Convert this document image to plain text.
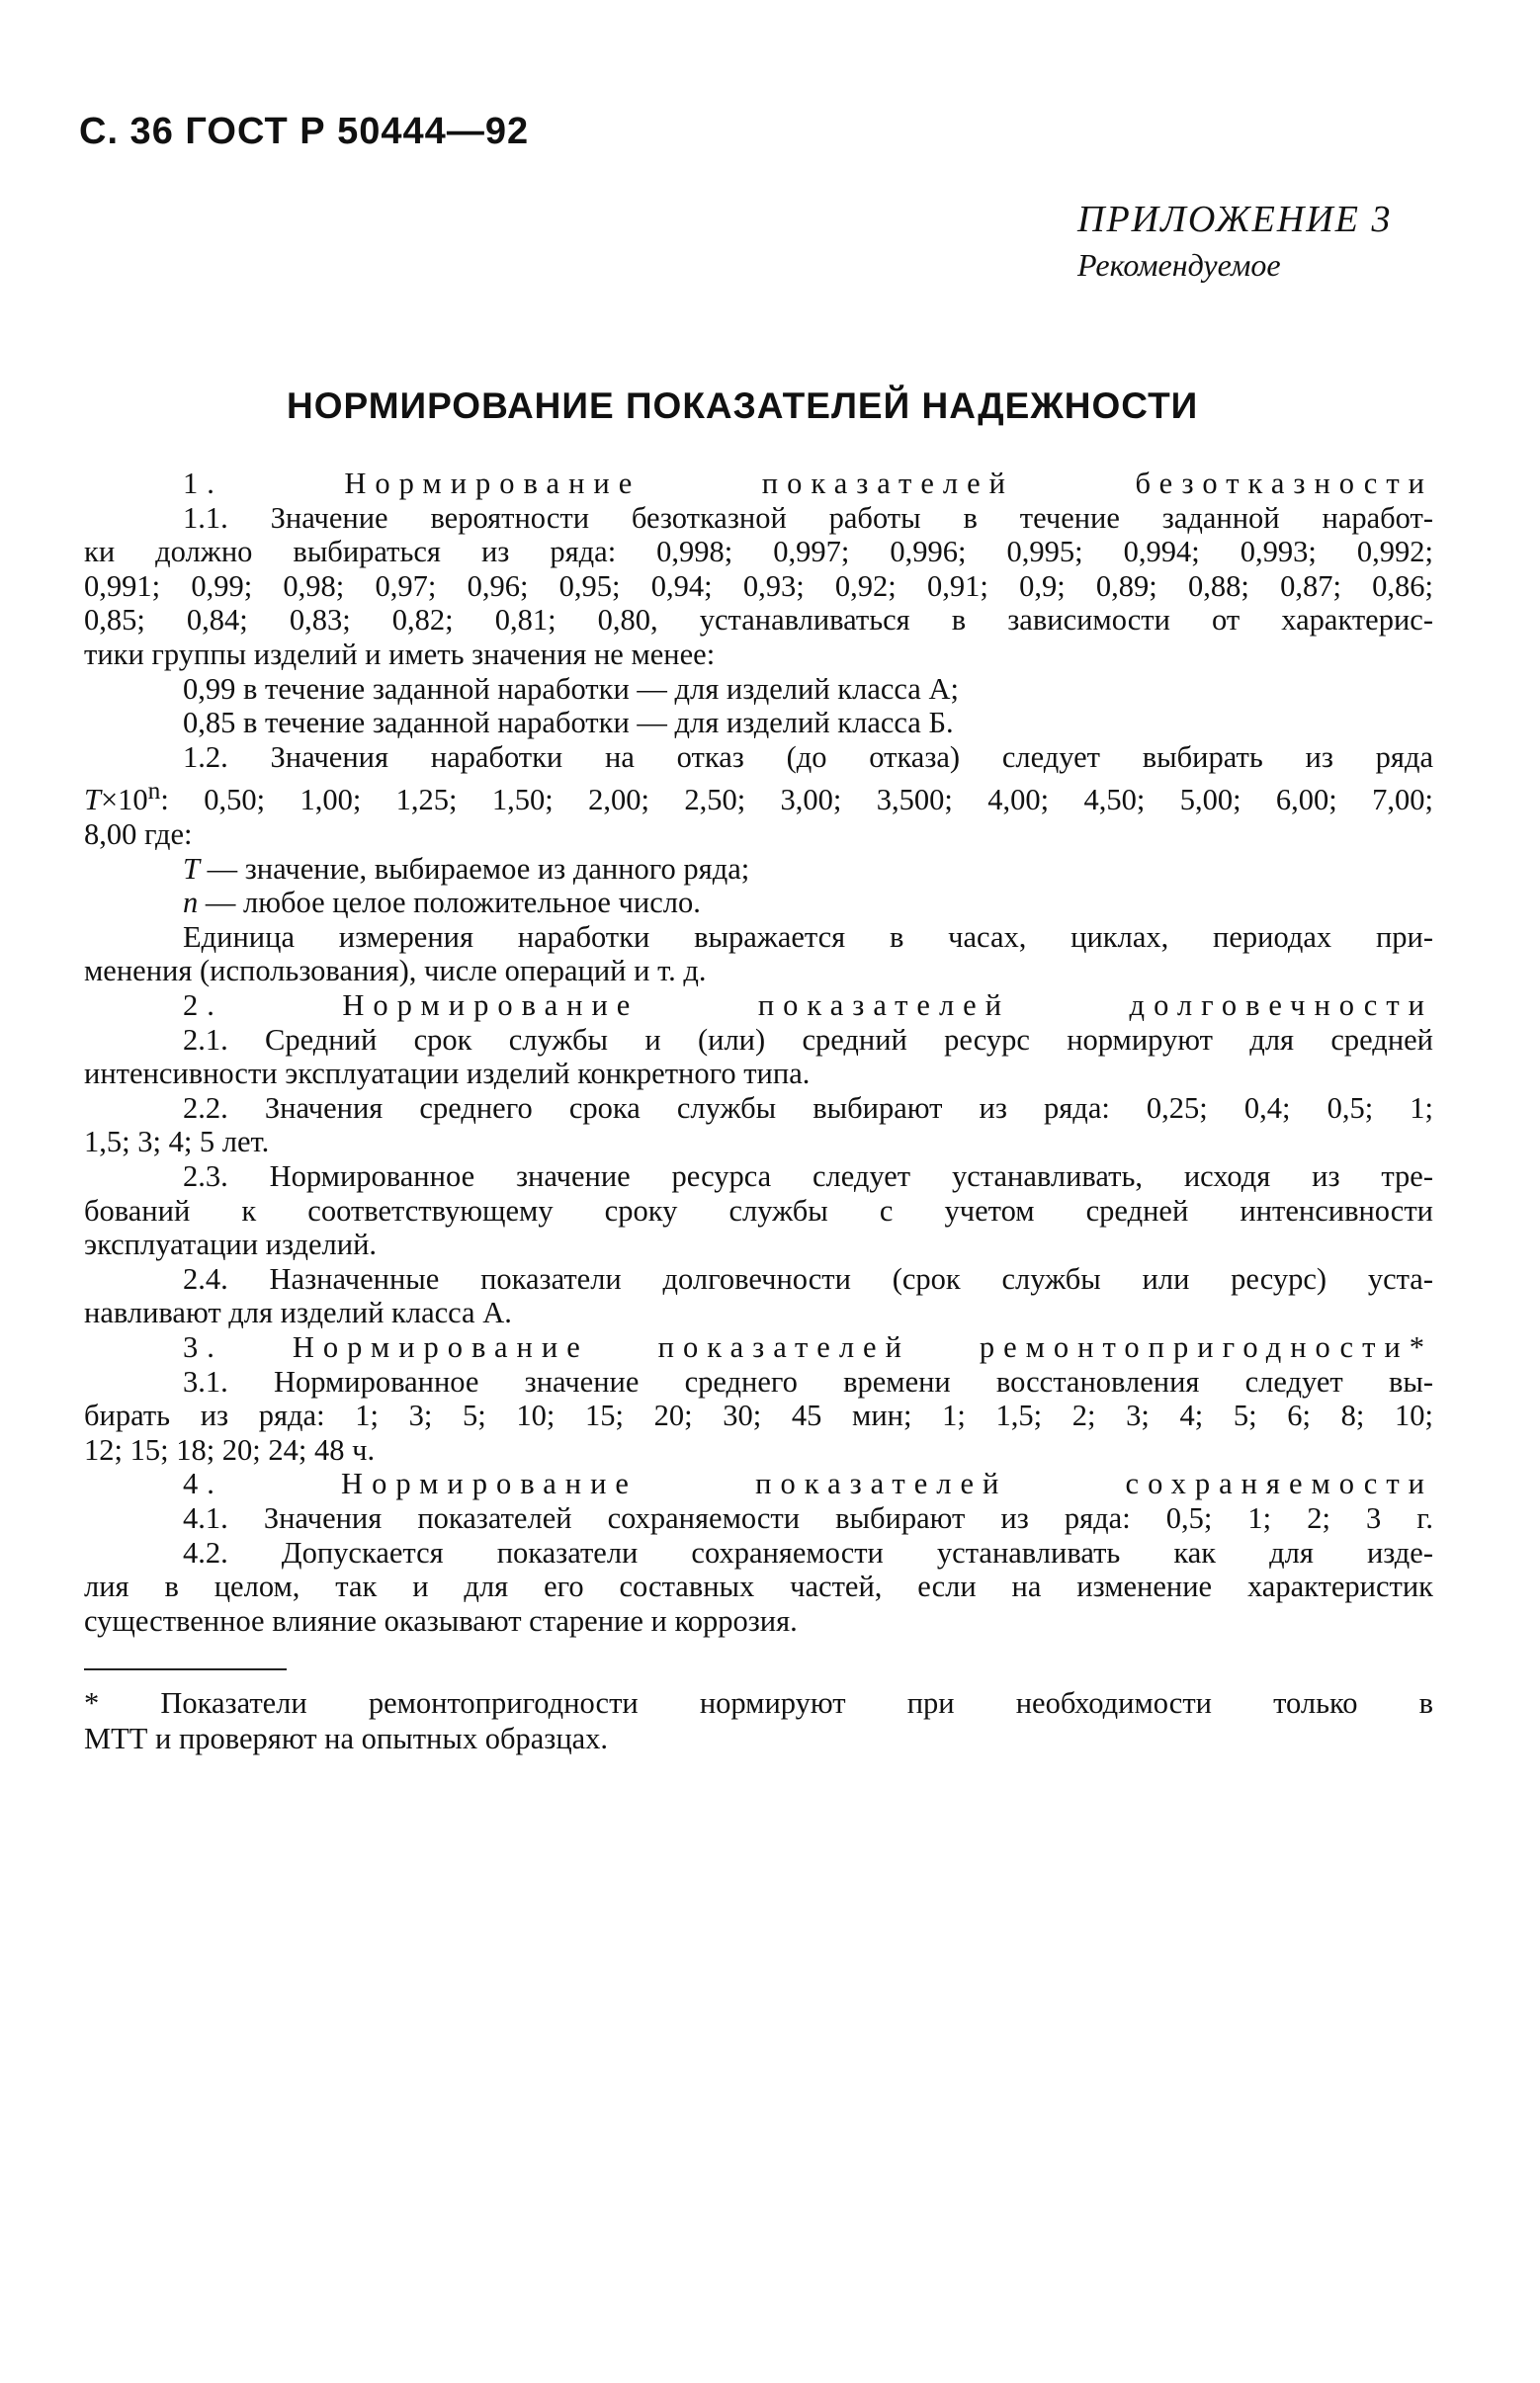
С. 36 ГОСТ Р 50444—92
ПРИЛОЖЕНИЕ 3
Рекомендуемое
НОРМИРОВАНИЕ ПОКАЗАТЕЛЕЙ НАДЕЖНОСТИ
1. Нормирование показателей безотказности
1.1. Значение вероятности безотказной работы в течение заданной наработ-
ки должно выбираться из ряда: 0,998; 0,997; 0,996; 0,995; 0,994; 0,993; 0,992;
0,991; 0,99; 0,98; 0,97; 0,96; 0,95; 0,94; 0,93; 0,92; 0,91; 0,9; 0,89; 0,88; 0,87; 0,86;
0,85; 0,84; 0,83; 0,82; 0,81; 0,80, устанавливаться в зависимости от характерис-
тики группы изделий и иметь значения не менее:
0,99 в течение заданной наработки — для изделий класса А;
0,85 в течение заданной наработки — для изделий класса Б.
1.2. Значения наработки на отказ (до отказа) следует выбирать из ряда
$T\times 10^n$: 0,50; 1,00; 1,25; 1,50; 2,00; 2,50; 3,00; 3,500; 4,00; 4,50; 5,00; 6,00; 7,00;
8,00 где:
T — значение, выбираемое из данного ряда;
n — любое целое положительное число.
Единица измерения наработки выражается в часах, циклах, периодах при-
менения (использования), числе операций и т. д.
2. Нормирование показателей долговечности
2.1. Средний срок службы и (или) средний ресурс нормируют для средней
интенсивности эксплуатации изделий конкретного типа.
2.2. Значения среднего срока службы выбирают из ряда: 0,25; 0,4; 0,5; 1;
1,5; 3; 4; 5 лет.
2.3. Нормированное значение ресурса следует устанавливать, исходя из тре-
бований к соответствующему сроку службы с учетом средней интенсивности
эксплуатации изделий.
2.4. Назначенные показатели долговечности (срок службы или ресурс) уста-
навливают для изделий класса А.
3. Нормирование показателей ремонтопригодности*
3.1. Нормированное значение среднего времени восстановления следует вы-
бирать из ряда: 1; 3; 5; 10; 15; 20; 30; 45 мин; 1; 1,5; 2; 3; 4; 5; 6; 8; 10;
12; 15; 18; 20; 24; 48 ч.
4. Нормирование показателей сохраняемости
4.1. Значения показателей сохраняемости выбирают из ряда: 0,5; 1; 2; 3 г.
4.2. Допускается показатели сохраняемости устанавливать как для изде-
лия в целом, так и для его составных частей, если на изменение характеристик
существенное влияние оказывают старение и коррозия.
* Показатели ремонтопригодности нормируют при необходимости только в
МТТ и проверяют на опытных образцах.
